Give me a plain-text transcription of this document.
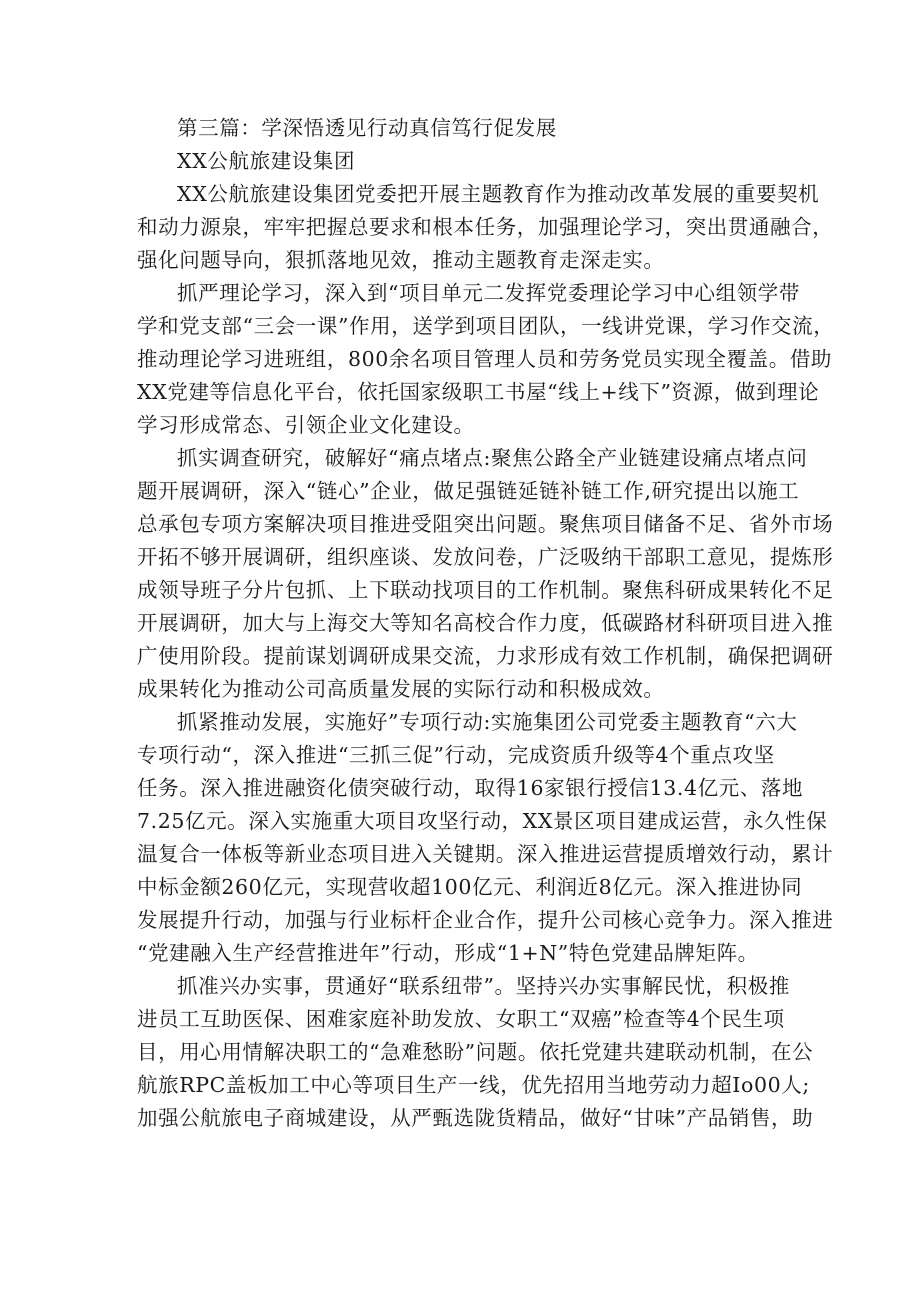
第三篇：学深悟透见行动真信笃行促发展
XX公航旅建设集团
XX公航旅建设集团党委把开展主题教育作为推动改革发展的重要契机
和动力源泉，牢牢把握总要求和根本任务，加强理论学习，突出贯通融合，
强化问题导向，狠抓落地见效，推动主题教育走深走实。
抓严理论学习，深入到“项目单元二发挥党委理论学习中心组领学带
学和党支部“三会一课”作用，送学到项目团队，一线讲党课，学习作交流，
推动理论学习进班组，800余名项目管理人员和劳务党员实现全覆盖。借助
XX党建等信息化平台，依托国家级职工书屋“线上+线下”资源，做到理论
学习形成常态、引领企业文化建设。
抓实调查研究，破解好“痛点堵点:聚焦公路全产业链建设痛点堵点问
题开展调研，深入“链心”企业，做足强链延链补链工作,研究提出以施工
总承包专项方案解决项目推进受阻突出问题。聚焦项目储备不足、省外市场
开拓不够开展调研，组织座谈、发放问卷，广泛吸纳干部职工意见，提炼形
成领导班子分片包抓、上下联动找项目的工作机制。聚焦科研成果转化不足
开展调研，加大与上海交大等知名高校合作力度，低碳路材科研项目进入推
广使用阶段。提前谋划调研成果交流，力求形成有效工作机制，确保把调研
成果转化为推动公司高质量发展的实际行动和积极成效。
抓紧推动发展，实施好”专项行动:实施集团公司党委主题教育“六大
专项行动“，深入推进“三抓三促”行动，完成资质升级等4个重点攻坚
任务。深入推进融资化债突破行动，取得16家银行授信13.4亿元、落地
7.25亿元。深入实施重大项目攻坚行动，XX景区项目建成运营，永久性保
温复合一体板等新业态项目进入关键期。深入推进运营提质增效行动，累计
中标金额260亿元，实现营收超100亿元、利润近8亿元。深入推进协同
发展提升行动，加强与行业标杆企业合作，提升公司核心竞争力。深入推进
“党建融入生产经营推进年”行动，形成“1+N”特色党建品牌矩阵。
抓准兴办实事，贯通好“联系纽带”。坚持兴办实事解民忧，积极推
进员工互助医保、困难家庭补助发放、女职工“双癌”检查等4个民生项
目，用心用情解决职工的“急难愁盼”问题。依托党建共建联动机制，在公
航旅RPC盖板加工中心等项目生产一线，优先招用当地劳动力超Io00人;
加强公航旅电子商城建设，从严甄选陇货精品，做好“甘味”产品销售，助
